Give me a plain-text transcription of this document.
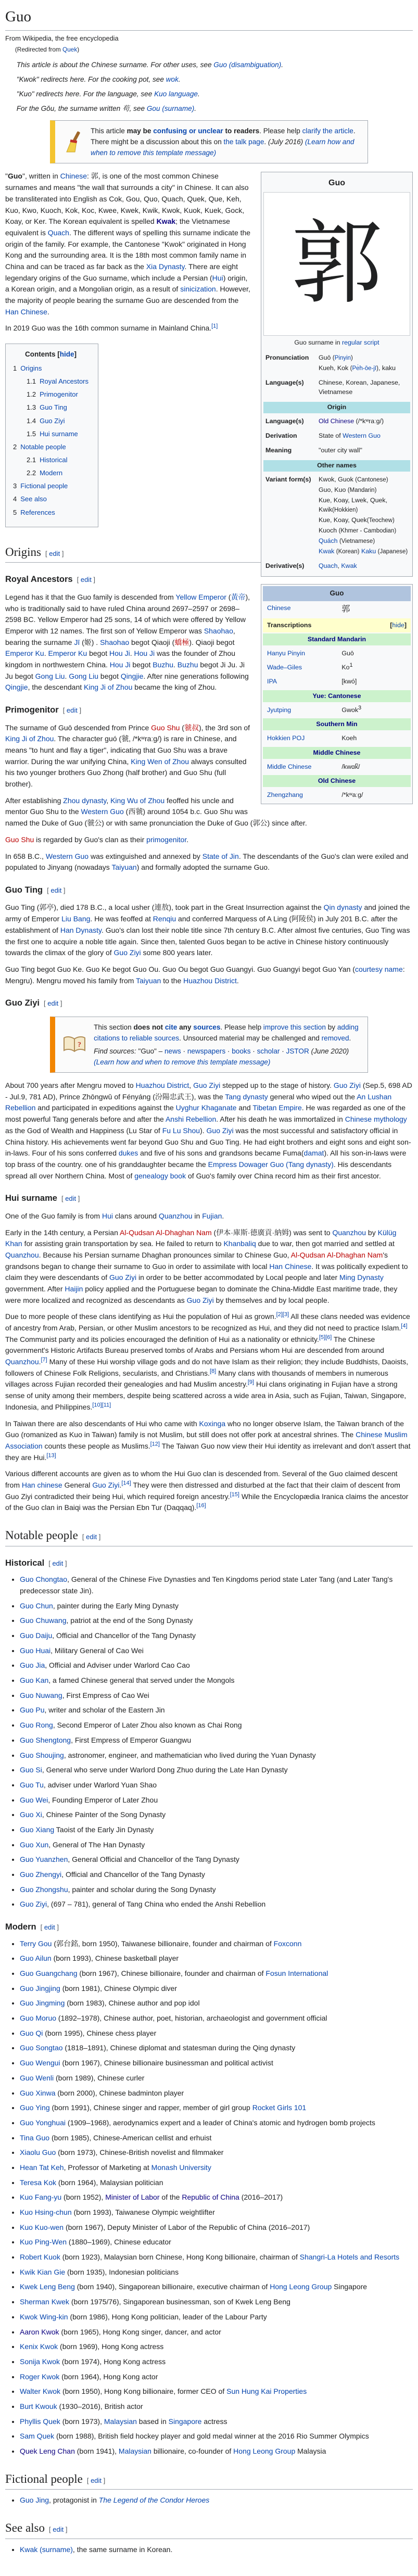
Guo
From Wikipedia, the free encyclopedia
(Redirected from Quek)
This article is about the Chinese surname. For other uses, see Guo (disambiguation).
"Kwok" redirects here. For the cooking pot, see wok.
"Kuo" redirects here. For the language, see Kuo language.
For the Gǒu, the surname written 苟, see Gou (surname).

This article may be confusing or unclear to readers. Please help clarify the article. There might be a discussion about this on the talk page. (July 2016) (Learn how and when to remove this template message)

Guo
郭
Guo surname in regular script
Pronunciation	Guō (Pinyin)
Kueh, Kok (Pe̍h-ōe-jī), kaku
Language(s)	Chinese, Korean, Japanese, Vietnamese
Origin
Language(s)	Old Chinese (/*kʷraːg/)
Derivation	State of Western Guo
Meaning	"outer city wall"
Other names
Variant form(s)	Kwok, Guok (Cantonese)
Guo, Kuo (Mandarin)
Kue, Koay, Lwek, Quek, Kwik(Hokkien)
Kue, Koay, Quek(Teochew)
Kuoch (Khmer - Cambodian)
Quách (Vietnamese)
Kwak (Korean) Kaku (Japanese)
Derivative(s)	Quach, Kwak
Guo
Chinese	郭
Transcriptions	[hide]
Standard Mandarin
Hanyu Pinyin	Guō
Wade–Giles	Ko$^1$
IPA	[kwó]
Yue: Cantonese
Jyutping	Gwok$^3$
Southern Min
Hokkien POJ	Koeh
Middle Chinese
Middle Chinese	/kwɑk̚/
Old Chinese
Zhengzhang	/*kʷaːg/

"Guo", written in Chinese: 郭, is one of the most common Chinese surnames and means "the wall that surrounds a city" in Chinese. It can also be transliterated into English as Cok, Gou, Quo, Quach, Quek, Que, Keh, Kuo, Kwo, Kuoch, Kok, Koc, Kwee, Kwek, Kwik, Kwok, Kuok, Kuek, Gock, Koay, or Ker. The Korean equivalent is spelled Kwak; the Vietnamese equivalent is Quach. The different ways of spelling this surname indicate the origin of the family. For example, the Cantonese "Kwok" originated in Hong Kong and the surrounding area. It is the 18th most common family name in China and can be traced as far back as the Xia Dynasty. There are eight legendary origins of the Guo surname, which include a Persian (Hui) origin, a Korean origin, and a Mongolian origin, as a result of sinicization. However, the majority of people bearing the surname Guo are descended from the Han Chinese.

In 2019 Guo was the 16th common surname in Mainland China.[1]

Contents [hide]
1 Origins
1.1 Royal Ancestors
1.2 Primogenitor
1.3 Guo Ting
1.4 Guo Ziyi
1.5 Hui surname
2 Notable people
2.1 Historical
2.2 Modern
3 Fictional people
4 See also
5 References
Origins [ edit ]
Royal Ancestors [ edit ]

Legend has it that the Guo family is descended from Yellow Emperor (黃帝), who is traditionally said to have ruled China around 2697–2597 or 2698–2598 BC. Yellow Emperor had 25 sons, 14 of which were offered by Yellow Emperor with 12 names. The first son of Yellow Emperor was Shaohao, bearing the surname Jī (姬) . Shaohao begot Qiaoji (蟜極). Qiaoji begot Emperor Ku. Emperor Ku begot Hou Ji. Hou Ji was the founder of Zhou kingdom in northwestern China. Hou Ji begot Buzhu. Buzhu begot Ji Ju. Ji Ju begot Gong Liu. Gong Liu begot Qingjie. After nine generations following Qingjie, the descendant King Ji of Zhou became the king of Zhou.

Primogenitor [ edit ]

The surname of Guō descended from Prince Guo Shu (虢叔), the 3rd son of King Ji of Zhou. The character guó (虢, /*kʷraːg/) is rare in Chinese, and means "to hunt and flay a tiger", indicating that Guo Shu was a brave warrior. During the war unifying China, King Wen of Zhou always consulted his two younger brothers Guo Zhong (half brother) and Guo Shu (full brother).

After establishing Zhou dynasty, King Wu of Zhou feoffed his uncle and mentor Guo Shu to the Western Guo (西虢) around 1054 b.c. Guo Shu was named the Duke of Guo (虢公) or with same pronunciation the Duke of Guo (郭公) since after.

Guo Shu is regarded by Guo's clan as their primogenitor.

In 658 B.C., Western Guo was extinguished and annexed by State of Jin. The descendants of the Guo's clan were exiled and populated to Jinyang (nowadays Taiyuan) and formally adopted the surname Guo.

Guo Ting [ edit ]

Guo Ting (郭亭), died 178 B.C., a local usher (連敖), took part in the Great Insurrection against the Qin dynasty and joined the army of Emperor Liu Bang. He was feoffed at Renqiu and conferred Marquess of A Ling (阿陵侯) in July 201 B.C. after the establishment of Han Dynasty. Guo's clan lost their noble title since 7th century B.C. After almost five centuries, Guo Ting was the first one to acquire a noble title again. Since then, talented Guos began to be active in Chinese history continuously towards the climax of the glory of Guo Ziyi some 800 years later.

Guo Ting begot Guo Ke. Guo Ke begot Guo Ou. Guo Ou begot Guo Guangyi. Guo Guangyi begot Guo Yan (courtesy name: Mengru). Mengru moved his family from Taiyuan to the Huazhou District.

Guo Ziyi [ edit ]
?

This section does not cite any sources. Please help improve this section by adding citations to reliable sources. Unsourced material may be challenged and removed.

Find sources: "Guo" – news · newspapers · books · scholar · JSTOR (June 2020) (Learn how and when to remove this template message)

About 700 years after Mengru moved to Huazhou District, Guo Ziyi stepped up to the stage of history. Guo Ziyi (Sep.5, 698 AD - Jul.9, 781 AD), Prince Zhōngwǔ of Fényáng (汾陽忠武王), was the Tang dynasty general who wiped out the An Lushan Rebellion and participated in expeditions against the Uyghur Khaganate and Tibetan Empire. He was regarded as one of the most powerful Tang generals before and after the Anshi Rebellion. After his death he was immortalized in Chinese mythology as the God of Wealth and Happiness (Lu Star of Fu Lu Shou). Guo Ziyi was the most successful and satisfactory official in China history. His achievements went far beyond Guo Shu and Guo Ting. He had eight brothers and eight sons and eight son-in-laws. Four of his sons conferred dukes and five of his sons and grandsons became Fuma(damat). All his son-in-laws were top brass of the country. one of his granddaughter became the Empress Dowager Guo (Tang dynasty). His descendants spread all over Northern China. Most of genealogy book of Guo's family over China record him as their first ancestor.

Hui surname [ edit ]

One of the Guo family is from Hui clans around Quanzhou in Fujian.

Early in the 14th century, a Persian Al-Qudsan Al-Dhaghan Nam (伊本·庫斯·德廣貢·納姆) was sent to Quanzhou by Külüg Khan for assisting grain transportation by sea. He failed to return to Khanbaliq due to war, then got married and settled at Quanzhou. Because his Persian surname Dhaghan pronounces similar to Chinese Guo, Al-Qudsan Al-Dhaghan Nam's grandsons began to change their surname to Guo in order to assimilate with local Han Chinese. It was politically expedient to claim they were descendants of Guo Ziyi in order to be better accommodated by Local people and later Ming Dynasty government. After Haijin policy applied and the Portuguese began to dominate the China-Middle East maritime trade, they were more localized and recognized as descendants as Guo Ziyi by themselves and by local people.

Due to more people of these clans identifying as Hui the population of Hui as grown.[2][3] All these clans needed was evidence of ancestry from Arab, Persian, or other Muslim ancestors to be recognized as Hui, and they did not need to practice Islam.[4] The Communist party and its policies encouraged the definition of Hui as a nationality or ethnicity.[5][6] The Chinese government's Historic Artifacts Bureau preserved tombs of Arabs and Persians whom Hui are descended from around Quanzhou.[7] Many of these Hui worship village gods and do not have Islam as their religion; they include Buddhists, Daoists, followers of Chinese Folk Religions, secularists, and Christians.[8] Many clans with thousands of members in numerous villages across Fujian recorded their genealogies and had Muslim ancestry.[9] Hui clans originating in Fujian have a strong sense of unity among their members, despite being scattered across a wide area in Asia, such as Fujian, Taiwan, Singapore, Indonesia, and Philippines.[10][11]

In Taiwan there are also descendants of Hui who came with Koxinga who no longer observe Islam, the Taiwan branch of the Guo (romanized as Kuo in Taiwan) family is not Muslim, but still does not offer pork at ancestral shrines. The Chinese Muslim Association counts these people as Muslims.[12] The Taiwan Guo now view their Hui identity as irrelevant and don't assert that they are Hui.[13]

Various different accounts are given as to whom the Hui Guo clan is descended from. Several of the Guo claimed descent from Han chinese General Guo Ziyi.[14] They were then distressed and disturbed at the fact that their claim of descent from Guo Ziyi contradicted their being Hui, which required foreign ancestry.[15] While the Encyclopædia Iranica claims the ancestor of the Guo clan in Baiqi was the Persian Ebn Tur (Daqqaq).[16]

Notable people [ edit ]
Historical [ edit ]
• Guo Chongtao, General of the Chinese Five Dynasties and Ten Kingdoms period state Later Tang (and Later Tang's predecessor state Jin).
• Guo Chun, painter during the Early Ming Dynasty
• Guo Chuwang, patriot at the end of the Song Dynasty
• Guo Daiju, Official and Chancellor of the Tang Dynasty
• Guo Huai, Military General of Cao Wei
• Guo Jia, Official and Adviser under Warlord Cao Cao
• Guo Kan, a famed Chinese general that served under the Mongols
• Guo Nuwang, First Empress of Cao Wei
• Guo Pu, writer and scholar of the Eastern Jin
• Guo Rong, Second Emperor of Later Zhou also known as Chai Rong
• Guo Shengtong, First Empress of Emperor Guangwu
• Guo Shoujing, astronomer, engineer, and mathematician who lived during the Yuan Dynasty
• Guo Si, General who serve under Warlord Dong Zhuo during the Late Han Dynasty
• Guo Tu, adviser under Warlord Yuan Shao
• Guo Wei, Founding Emperor of Later Zhou
• Guo Xi, Chinese Painter of the Song Dynasty
• Guo Xiang Taoist of the Early Jin Dynasty
• Guo Xun, General of The Han Dynasty
• Guo Yuanzhen, General Official and Chancellor of the Tang Dynasty
• Guo Zhengyi, Official and Chancellor of the Tang Dynasty
• Guo Zhongshu, painter and scholar during the Song Dynasty
• Guo Ziyi, (697 – 781), general of Tang China who ended the Anshi Rebellion
Modern [ edit ]
• Terry Gou (郭台銘, born 1950), Taiwanese billionaire, founder and chairman of Foxconn
• Guo Ailun (born 1993), Chinese basketball player
• Guo Guangchang (born 1967), Chinese billionaire, founder and chairman of Fosun International
• Guo Jingjing (born 1981), Chinese Olympic diver
• Guo Jingming (born 1983), Chinese author and pop idol
• Guo Moruo (1892–1978), Chinese author, poet, historian, archaeologist and government official
• Guo Qi (born 1995), Chinese chess player
• Guo Songtao (1818–1891), Chinese diplomat and statesman during the Qing dynasty
• Guo Wengui (born 1967), Chinese billionaire businessman and political activist
• Guo Wenli (born 1989), Chinese curler
• Guo Xinwa (born 2000), Chinese badminton player
• Guo Ying (born 1991), Chinese singer and rapper, member of girl group Rocket Girls 101
• Guo Yonghuai (1909–1968), aerodynamics expert and a leader of China's atomic and hydrogen bomb projects
• Tina Guo (born 1985), Chinese-American cellist and erhuist
• Xiaolu Guo (born 1973), Chinese-British novelist and filmmaker
• Hean Tat Keh, Professor of Marketing at Monash University
• Teresa Kok (born 1964), Malaysian politician
• Kuo Fang-yu (born 1952), Minister of Labor of the Republic of China (2016–2017)
• Kuo Hsing-chun (born 1993), Taiwanese Olympic weightlifter
• Kuo Kuo-wen (born 1967), Deputy Minister of Labor of the Republic of China (2016–2017)
• Kuo Ping-Wen (1880–1969), Chinese educator
• Robert Kuok (born 1923), Malaysian born Chinese, Hong Kong billionaire, chairman of Shangri-La Hotels and Resorts
• Kwik Kian Gie (born 1935), Indonesian politicians
• Kwek Leng Beng (born 1940), Singaporean billionaire, executive chairman of Hong Leong Group Singapore
• Sherman Kwek (born 1975/76), Singaporean businessman, son of Kwek Leng Beng
• Kwok Wing-kin (born 1986), Hong Kong politician, leader of the Labour Party
• Aaron Kwok (born 1965), Hong Kong singer, dancer, and actor
• Kenix Kwok (born 1969), Hong Kong actress
• Sonija Kwok (born 1974), Hong Kong actress
• Roger Kwok (born 1964), Hong Kong actor
• Walter Kwok (born 1950), Hong Kong billionaire, former CEO of Sun Hung Kai Properties
• Burt Kwouk (1930–2016), British actor
• Phyllis Quek (born 1973), Malaysian based in Singapore actress
• Sam Quek (born 1988), British field hockey player and gold medal winner at the 2016 Rio Summer Olympics
• Quek Leng Chan (born 1941), Malaysian billionaire, co-founder of Hong Leong Group Malaysia
Fictional people [ edit ]
• Guo Jing, protagonist in The Legend of the Condor Heroes
See also [ edit ]
• Kwak (surname), the same surname in Korean.
